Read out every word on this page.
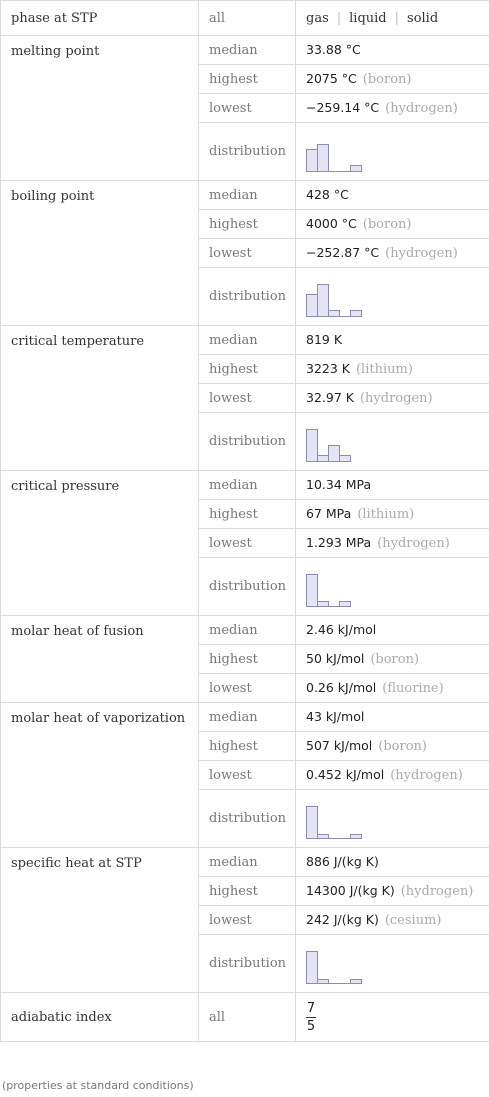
phase at STP	all	gas | liquid | solid
melting point	median	33.88 °C
	highest	2075 °C (boron)
	lowest	−259.14 °C (hydrogen)
	distribution	

boiling point	median	428 °C
	highest	4000 °C (boron)
	lowest	−252.87 °C (hydrogen)
	distribution	

critical temperature	median	819 K
	highest	3223 K (lithium)
	lowest	32.97 K (hydrogen)
	distribution	

critical pressure	median	10.34 MPa
	highest	67 MPa (lithium)
	lowest	1.293 MPa (hydrogen)
	distribution	

molar heat of fusion	median	2.46 kJ/mol
	highest	50 kJ/mol (boron)
	lowest	0.26 kJ/mol (fluorine)
molar heat of vaporization	median	43 kJ/mol
	highest	507 kJ/mol (boron)
	lowest	0.452 kJ/mol (hydrogen)
	distribution	

specific heat at STP	median	886 J/(kg K)
	highest	14300 J/(kg K) (hydrogen)
	lowest	242 J/(kg K) (cesium)
	distribution	

adiabatic index	all	$\frac{7}{5}$
(properties at standard conditions)
